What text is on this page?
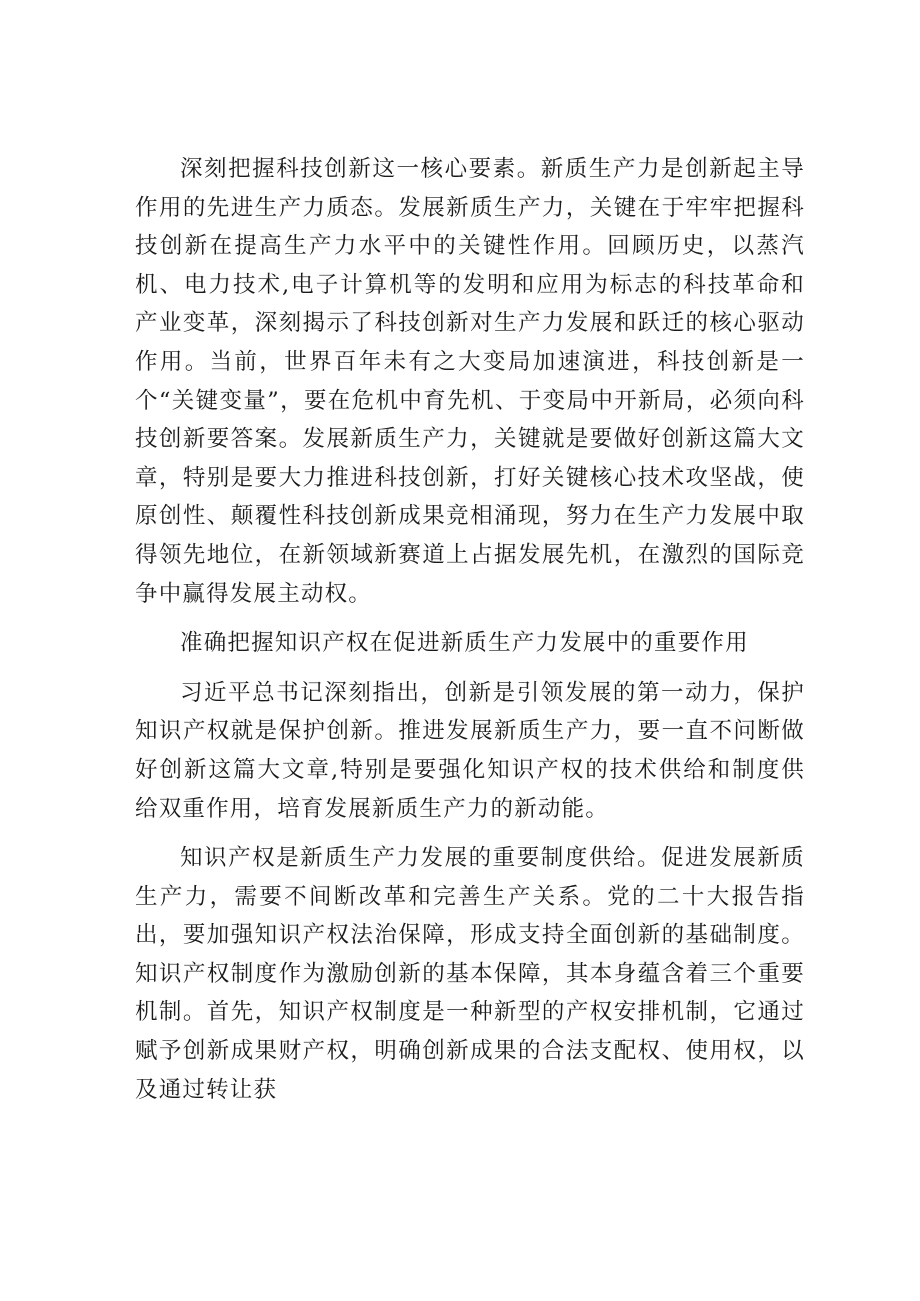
深刻把握科技创新这一核心要素。新质生产力是创新起主导作用的先进生产力质态。发展新质生产力，关键在于牢牢把握科技创新在提高生产力水平中的关键性作用。回顾历史，以蒸汽机、电力技术,电子计算机等的发明和应用为标志的科技革命和产业变革，深刻揭示了科技创新对生产力发展和跃迁的核心驱动作用。当前，世界百年未有之大变局加速演进，科技创新是一个“关键变量”，要在危机中育先机、于变局中开新局，必须向科技创新要答案。发展新质生产力，关键就是要做好创新这篇大文章，特别是要大力推进科技创新，打好关键核心技术攻坚战，使原创性、颠覆性科技创新成果竞相涌现，努力在生产力发展中取得领先地位，在新领域新赛道上占据发展先机，在激烈的国际竞争中赢得发展主动权。

准确把握知识产权在促进新质生产力发展中的重要作用

习近平总书记深刻指出，创新是引领发展的第一动力，保护知识产权就是保护创新。推进发展新质生产力，要一直不问断做好创新这篇大文章,特别是要强化知识产权的技术供给和制度供给双重作用，培育发展新质生产力的新动能。

知识产权是新质生产力发展的重要制度供给。促进发展新质生产力，需要不间断改革和完善生产关系。党的二十大报告指出，要加强知识产权法治保障，形成支持全面创新的基础制度。知识产权制度作为激励创新的基本保障，其本身蕴含着三个重要机制。首先，知识产权制度是一种新型的产权安排机制，它通过赋予创新成果财产权，明确创新成果的合法支配权、使用权，以及通过转让获
